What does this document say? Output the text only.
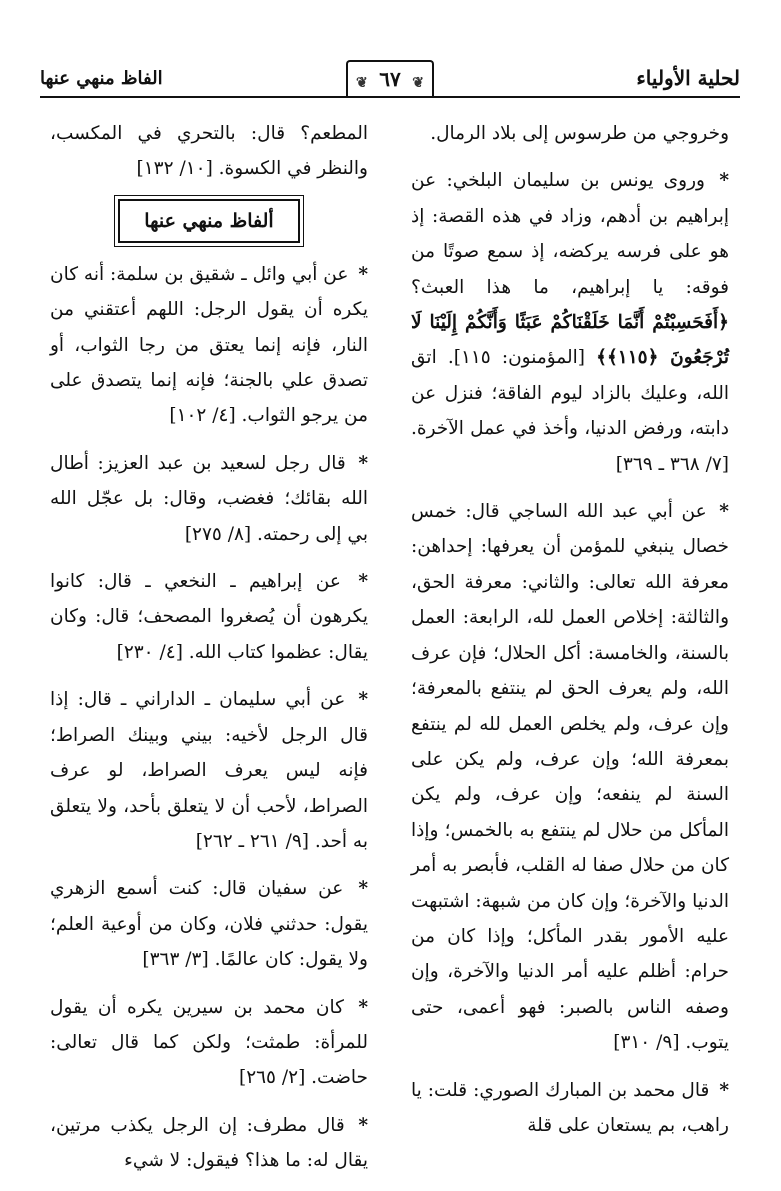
لحلية الأولياء
❦
٦٧
❦
الفاظ منهي عنها

وخروجي من طرسوس إلى بلاد الرمال.

* وروى يونس بن سليمان البلخي: عن إبراهيم بن أدهم، وزاد في هذه القصة: إذ هو على فرسه يركضه، إذ سمع صوتًا من فوقه: يا إبراهيم، ما هذا العبث؟ ﴿أَفَحَسِبْتُمْ أَنَّمَا خَلَقْنَاكُمْ عَبَثًا وَأَنَّكُمْ إِلَيْنَا لَا تُرْجَعُونَ ﴿١١٥﴾﴾ [المؤمنون: ١١٥]. اتق الله، وعليك بالزاد ليوم الفاقة؛ فنزل عن دابته، ورفض الدنيا، وأخذ في عمل الآخرة. [٧/ ٣٦٨ ـ ٣٦٩]

* عن أبي عبد الله الساجي قال: خمس خصال ينبغي للمؤمن أن يعرفها: إحداهن: معرفة الله تعالى: والثاني: معرفة الحق، والثالثة: إخلاص العمل لله، الرابعة: العمل بالسنة، والخامسة: أكل الحلال؛ فإن عرف الله، ولم يعرف الحق لم ينتفع بالمعرفة؛ وإن عرف، ولم يخلص العمل لله لم ينتفع بمعرفة الله؛ وإن عرف، ولم يكن على السنة لم ينفعه؛ وإن عرف، ولم يكن المأكل من حلال لم ينتفع به بالخمس؛ وإذا كان من حلال صفا له القلب، فأبصر به أمر الدنيا والآخرة؛ وإن كان من شبهة: اشتبهت عليه الأمور بقدر المأكل؛ وإذا كان من حرام: أظلم عليه أمر الدنيا والآخرة، وإن وصفه الناس بالصبر: فهو أعمى، حتى يتوب. [٩/ ٣١٠]

* قال محمد بن المبارك الصوري: قلت: يا راهب، بم يستعان على قلة

المطعم؟ قال: بالتحري في المكسب، والنظر في الكسوة. [١٠/ ١٣٢]

ألفاظ منهي عنها

* عن أبي وائل ـ شقيق بن سلمة: أنه كان يكره أن يقول الرجل: اللهم أعتقني من النار، فإنه إنما يعتق من رجا الثواب، أو تصدق علي بالجنة؛ فإنه إنما يتصدق على من يرجو الثواب. [٤/ ١٠٢]

* قال رجل لسعيد بن عبد العزيز: أطال الله بقائك؛ فغضب، وقال: بل عجّل الله بي إلى رحمته. [٨/ ٢٧٥]

* عن إبراهيم ـ النخعي ـ قال: كانوا يكرهون أن يُصغروا المصحف؛ قال: وكان يقال: عظموا كتاب الله. [٤/ ٢٣٠]

* عن أبي سليمان ـ الداراني ـ قال: إذا قال الرجل لأخيه: بيني وبينك الصراط؛ فإنه ليس يعرف الصراط، لو عرف الصراط، لأحب أن لا يتعلق بأحد، ولا يتعلق به أحد. [٩/ ٢٦١ ـ ٢٦٢]

* عن سفيان قال: كنت أسمع الزهري يقول: حدثني فلان، وكان من أوعية العلم؛ ولا يقول: كان عالمًا. [٣/ ٣٦٣]

* كان محمد بن سيرين يكره أن يقول للمرأة: طمثت؛ ولكن كما قال تعالى: حاضت. [٢/ ٢٦٥]

* قال مطرف: إن الرجل يكذب مرتين، يقال له: ما هذا؟ فيقول: لا شيء
